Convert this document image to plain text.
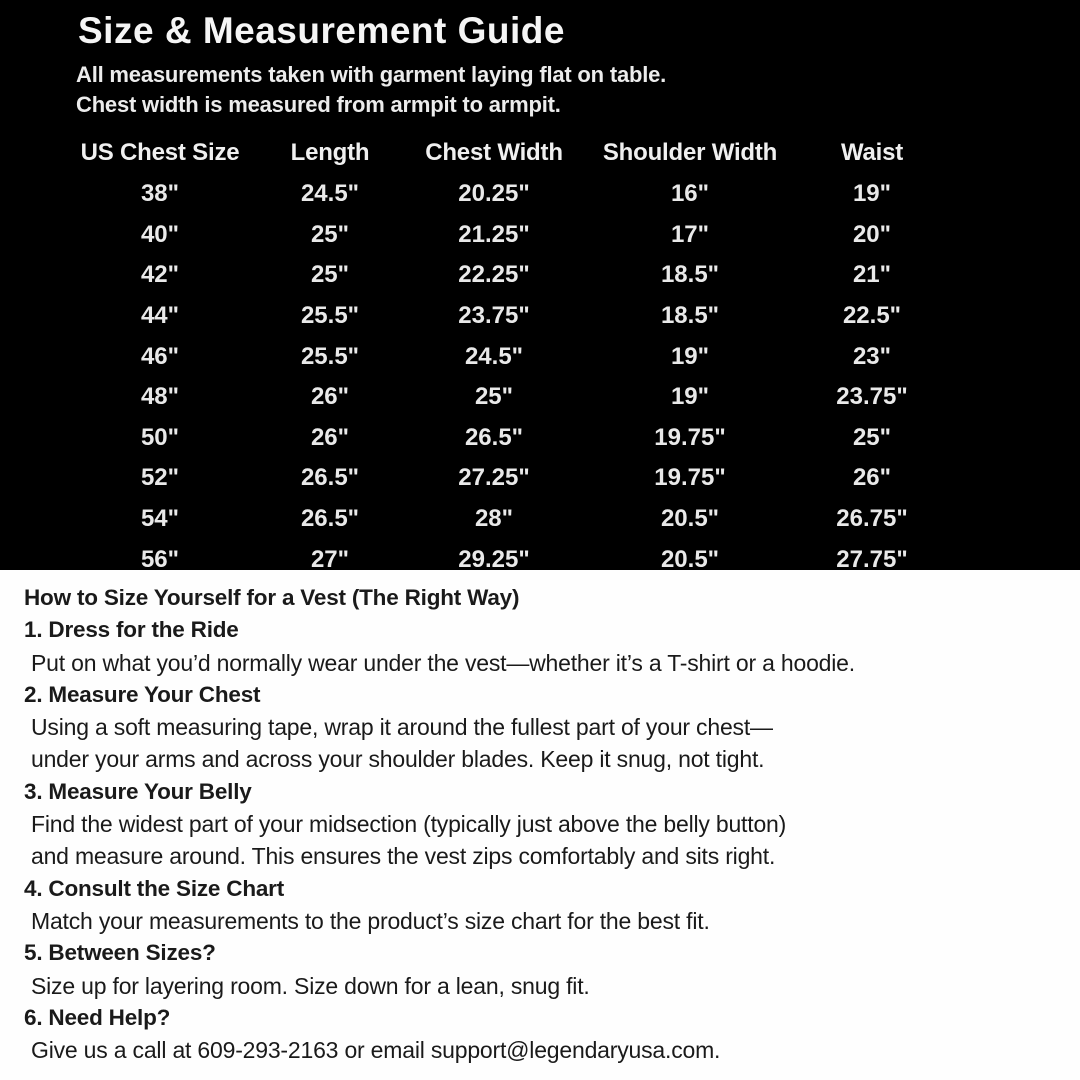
Size & Measurement Guide

All measurements taken with garment laying flat on table.

Chest width is measured from armpit to armpit.

US Chest Size	Length	Chest Width	Shoulder Width	Waist
38"	24.5"	20.25"	16"	19"
40"	25"	21.25"	17"	20"
42"	25"	22.25"	18.5"	21"
44"	25.5"	23.75"	18.5"	22.5"
46"	25.5"	24.5"	19"	23"
48"	26"	25"	19"	23.75"
50"	26"	26.5"	19.75"	25"
52"	26.5"	27.25"	19.75"	26"
54"	26.5"	28"	20.5"	26.75"
56"	27"	29.25"	20.5"	27.75"
How to Size Yourself for a Vest (The Right Way)
1. Dress for the Ride
Put on what you’d normally wear under the vest—whether it’s a T-shirt or a hoodie.
2. Measure Your Chest
Using a soft measuring tape, wrap it around the fullest part of your chest—
under your arms and across your shoulder blades. Keep it snug, not tight.
3. Measure Your Belly
Find the widest part of your midsection (typically just above the belly button)
and measure around. This ensures the vest zips comfortably and sits right.
4. Consult the Size Chart
Match your measurements to the product’s size chart for the best fit.
5. Between Sizes?
Size up for layering room. Size down for a lean, snug fit.
6. Need Help?
Give us a call at 609-293-2163 or email support@legendaryusa.com.
